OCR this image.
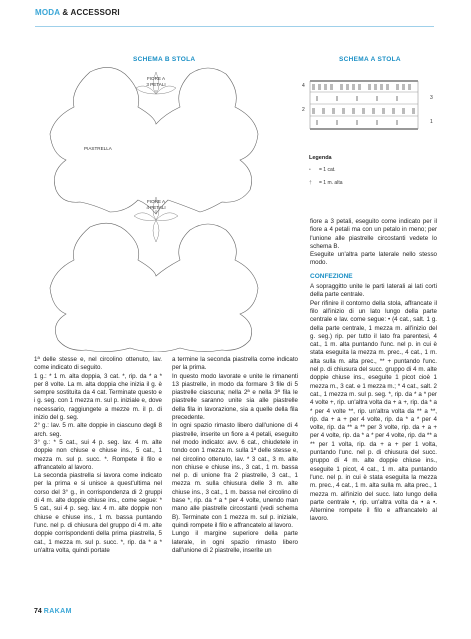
MODA & ACCESSORI
SCHEMA B STOLA	SCHEMA A STOLA
FIORE A
3 PETALI
FIORE A
4 PETALI
PIASTRELLA
4
2
3
1
Legenda
• = 1 cat.
† = 1 m. alta

1ª delle stesse e, nel circolino ottenuto, lav. come indicato di seguito.

1 g.: * 1 m. alta doppia, 3 cat. *, rip. da * a * per 8 volte. La m. alta doppia che inizia il g. è sempre sostituita da 4 cat. Terminate questo e i g. seg. con 1 mezza m. sul p. iniziale e, dove necessario, raggiungete a mezze m. il p. di inizio del g. seg.

2° g.: lav. 5 m. alte doppie in ciascuno degli 8 arch. seg.

3° g.: * 5 cat., sui 4 p. seg. lav. 4 m. alte doppie non chiuse e chiuse ins., 5 cat., 1 mezza m. sul p. succ. *. Rompete il filo e affrancatelo al lavoro.

La seconda piastrella si lavora come indicato per la prima e si unisce a quest'ultima nel corso del 3° g., in corrispondenza di 2 gruppi di 4 m. alte doppie chiuse ins., come segue: * 5 cat., sui 4 p. seg. lav. 4 m. alte doppie non chiuse e chiuse ins., 1 m. bassa puntando l'unc. nel p. di chiusura del gruppo di 4 m. alte doppie corrispondenti della prima piastrella, 5 cat., 1 mezza m. sul p. succ. *, rip. da * a * un'altra volta, quindi portate

a termine la seconda piastrella come indicato per la prima.

In questo modo lavorate e unite le rimanenti 13 piastrelle, in modo da formare 3 file di 5 piastrelle ciascuna; nella 2ª e nella 3ª fila le piastrelle saranno unite sia alle piastrelle della fila in lavorazione, sia a quelle della fila precedente.

In ogni spazio rimasto libero dall'unione di 4 piastrelle, inserite un fiore a 4 petali, eseguito nel modo indicato: avv. 6 cat., chiudetele in tondo con 1 mezza m. sulla 1ª delle stesse e, nel circolino ottenuto, lav. * 3 cat., 3 m. alte non chiuse e chiuse ins., 3 cat., 1 m. bassa nel p. di unione fra 2 piastrelle, 3 cat., 1 mezza m. sulla chiusura delle 3 m. alte chiuse ins., 3 cat., 1 m. bassa nel circolino di base *, rip. da * a * per 4 volte, unendo man mano alle piastrelle circostanti (vedi schema B). Terminate con 1 mezza m. sul p. iniziale, quindi rompete il filo e affrancatelo al lavoro.

Lungo il margine superiore della parte laterale, in ogni spazio rimasto libero dall'unione di 2 piastrelle, inserite un

fiore a 3 petali, eseguito come indicato per il fiore a 4 petali ma con un petalo in meno; per l'unione alle piastrelle circostanti vedete lo schema B.

Eseguite un'altra parte laterale nello stesso modo.

CONFEZIONE

A sopraggitto unite le parti laterali ai lati corti della parte centrale.

Per rifinire il contorno della stola, affrancate il filo all'inizio di un lato lungo della parte centrale e lav. come segue: • (4 cat., salt. 1 g. della parte centrale, 1 mezza m. all'inizio del g. seg.) rip. per tutto il lato fra parentesi, 4 cat., 1 m. alta puntando l'unc. nel p. in cui è stata eseguita la mezza m. prec., 4 cat., 1 m. alta sulla m. alta prec., ** + puntando l'unc. nel p. di chiusura del succ. gruppo di 4 m. alte doppie chiuse ins., eseguite 1 picot cioè 1 mezza m., 3 cat. e 1 mezza m.; * 4 cat., salt. 2 cat., 1 mezza m. sul p. seg. *, rip. da * a * per 4 volte +, rip. un'altra volta da + a +, rip. da * a * per 4 volte **, rip. un'altra volta da ** a **, rip. da + a + per 4 volte, rip. da * a * per 4 volte, rip. da ** a ** per 3 volte, rip. da + a + per 4 volte, rip. da * a * per 4 volte, rip. da ** a ** per 1 volta, rip. da + a + per 1 volta, puntando l'unc. nel p. di chiusura del succ. gruppo di 4 m. alte doppie chiuse ins., eseguite 1 picot, 4 cat., 1 m. alta puntando l'unc. nel p. in cui è stata eseguita la mezza m. prec., 4 cat., 1 m. alta sulla m. alta prec., 1 mezza m. all'inizio del succ. lato lungo della parte centrale •, rip. un'altra volta da • a •. Alternine rompete il filo e affrancatelo al lavoro.

74 RAKAM
